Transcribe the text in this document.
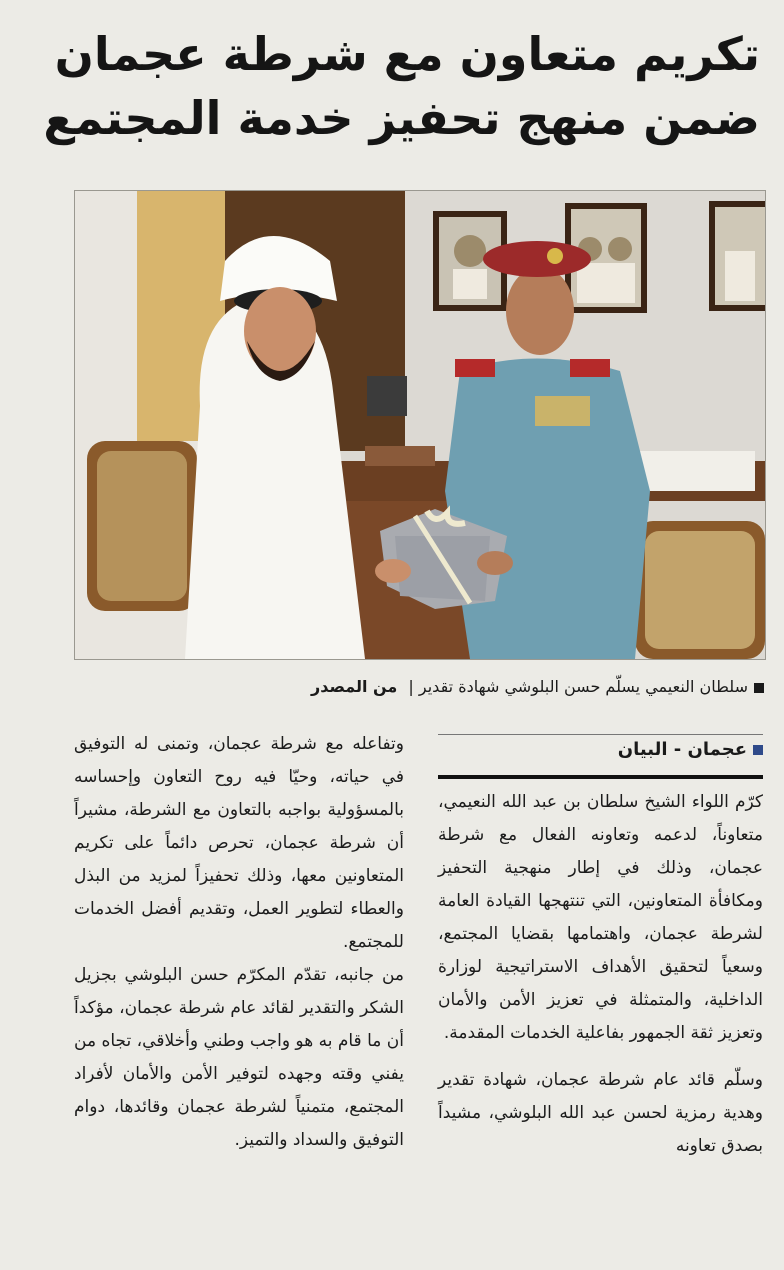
تكريم متعاون مع شرطة عجمان
ضمن منهج تحفيز خدمة المجتمع
سلطان النعيمي يسلّم حسن البلوشي شهادة تقدير | من المصدر
عجمان - البيان

كرّم اللواء الشيخ سلطان بن عبد الله النعيمي، متعاوناً، لدعمه وتعاونه الفعال مع شرطة عجمان، وذلك في إطار منهجية التحفيز ومكافأة المتعاونين، التي تنتهجها القيادة العامة لشرطة عجمان، واهتمامها بقضايا المجتمع، وسعياً لتحقيق الأهداف الاستراتيجية لوزارة الداخلية، والمتمثلة في تعزيز الأمن والأمان وتعزيز ثقة الجمهور بفاعلية الخدمات المقدمة.

وسلّم قائد عام شرطة عجمان، شهادة تقدير وهدية رمزية لحسن عبد الله البلوشي، مشيداً بصدق تعاونه

وتفاعله مع شرطة عجمان، وتمنى له التوفيق في حياته، وحيّا فيه روح التعاون وإحساسه بالمسؤولية بواجبه بالتعاون مع الشرطة، مشيراً أن شرطة عجمان، تحرص دائماً على تكريم المتعاونين معها، وذلك تحفيزاً لمزيد من البذل والعطاء لتطوير العمل، وتقديم أفضل الخدمات للمجتمع.

من جانبه، تقدّم المكرّم حسن البلوشي بجزيل الشكر والتقدير لقائد عام شرطة عجمان، مؤكداً أن ما قام به هو واجب وطني وأخلاقي، تجاه من يفني وقته وجهده لتوفير الأمن والأمان لأفراد المجتمع، متمنياً لشرطة عجمان وقائدها، دوام التوفيق والسداد والتميز.
